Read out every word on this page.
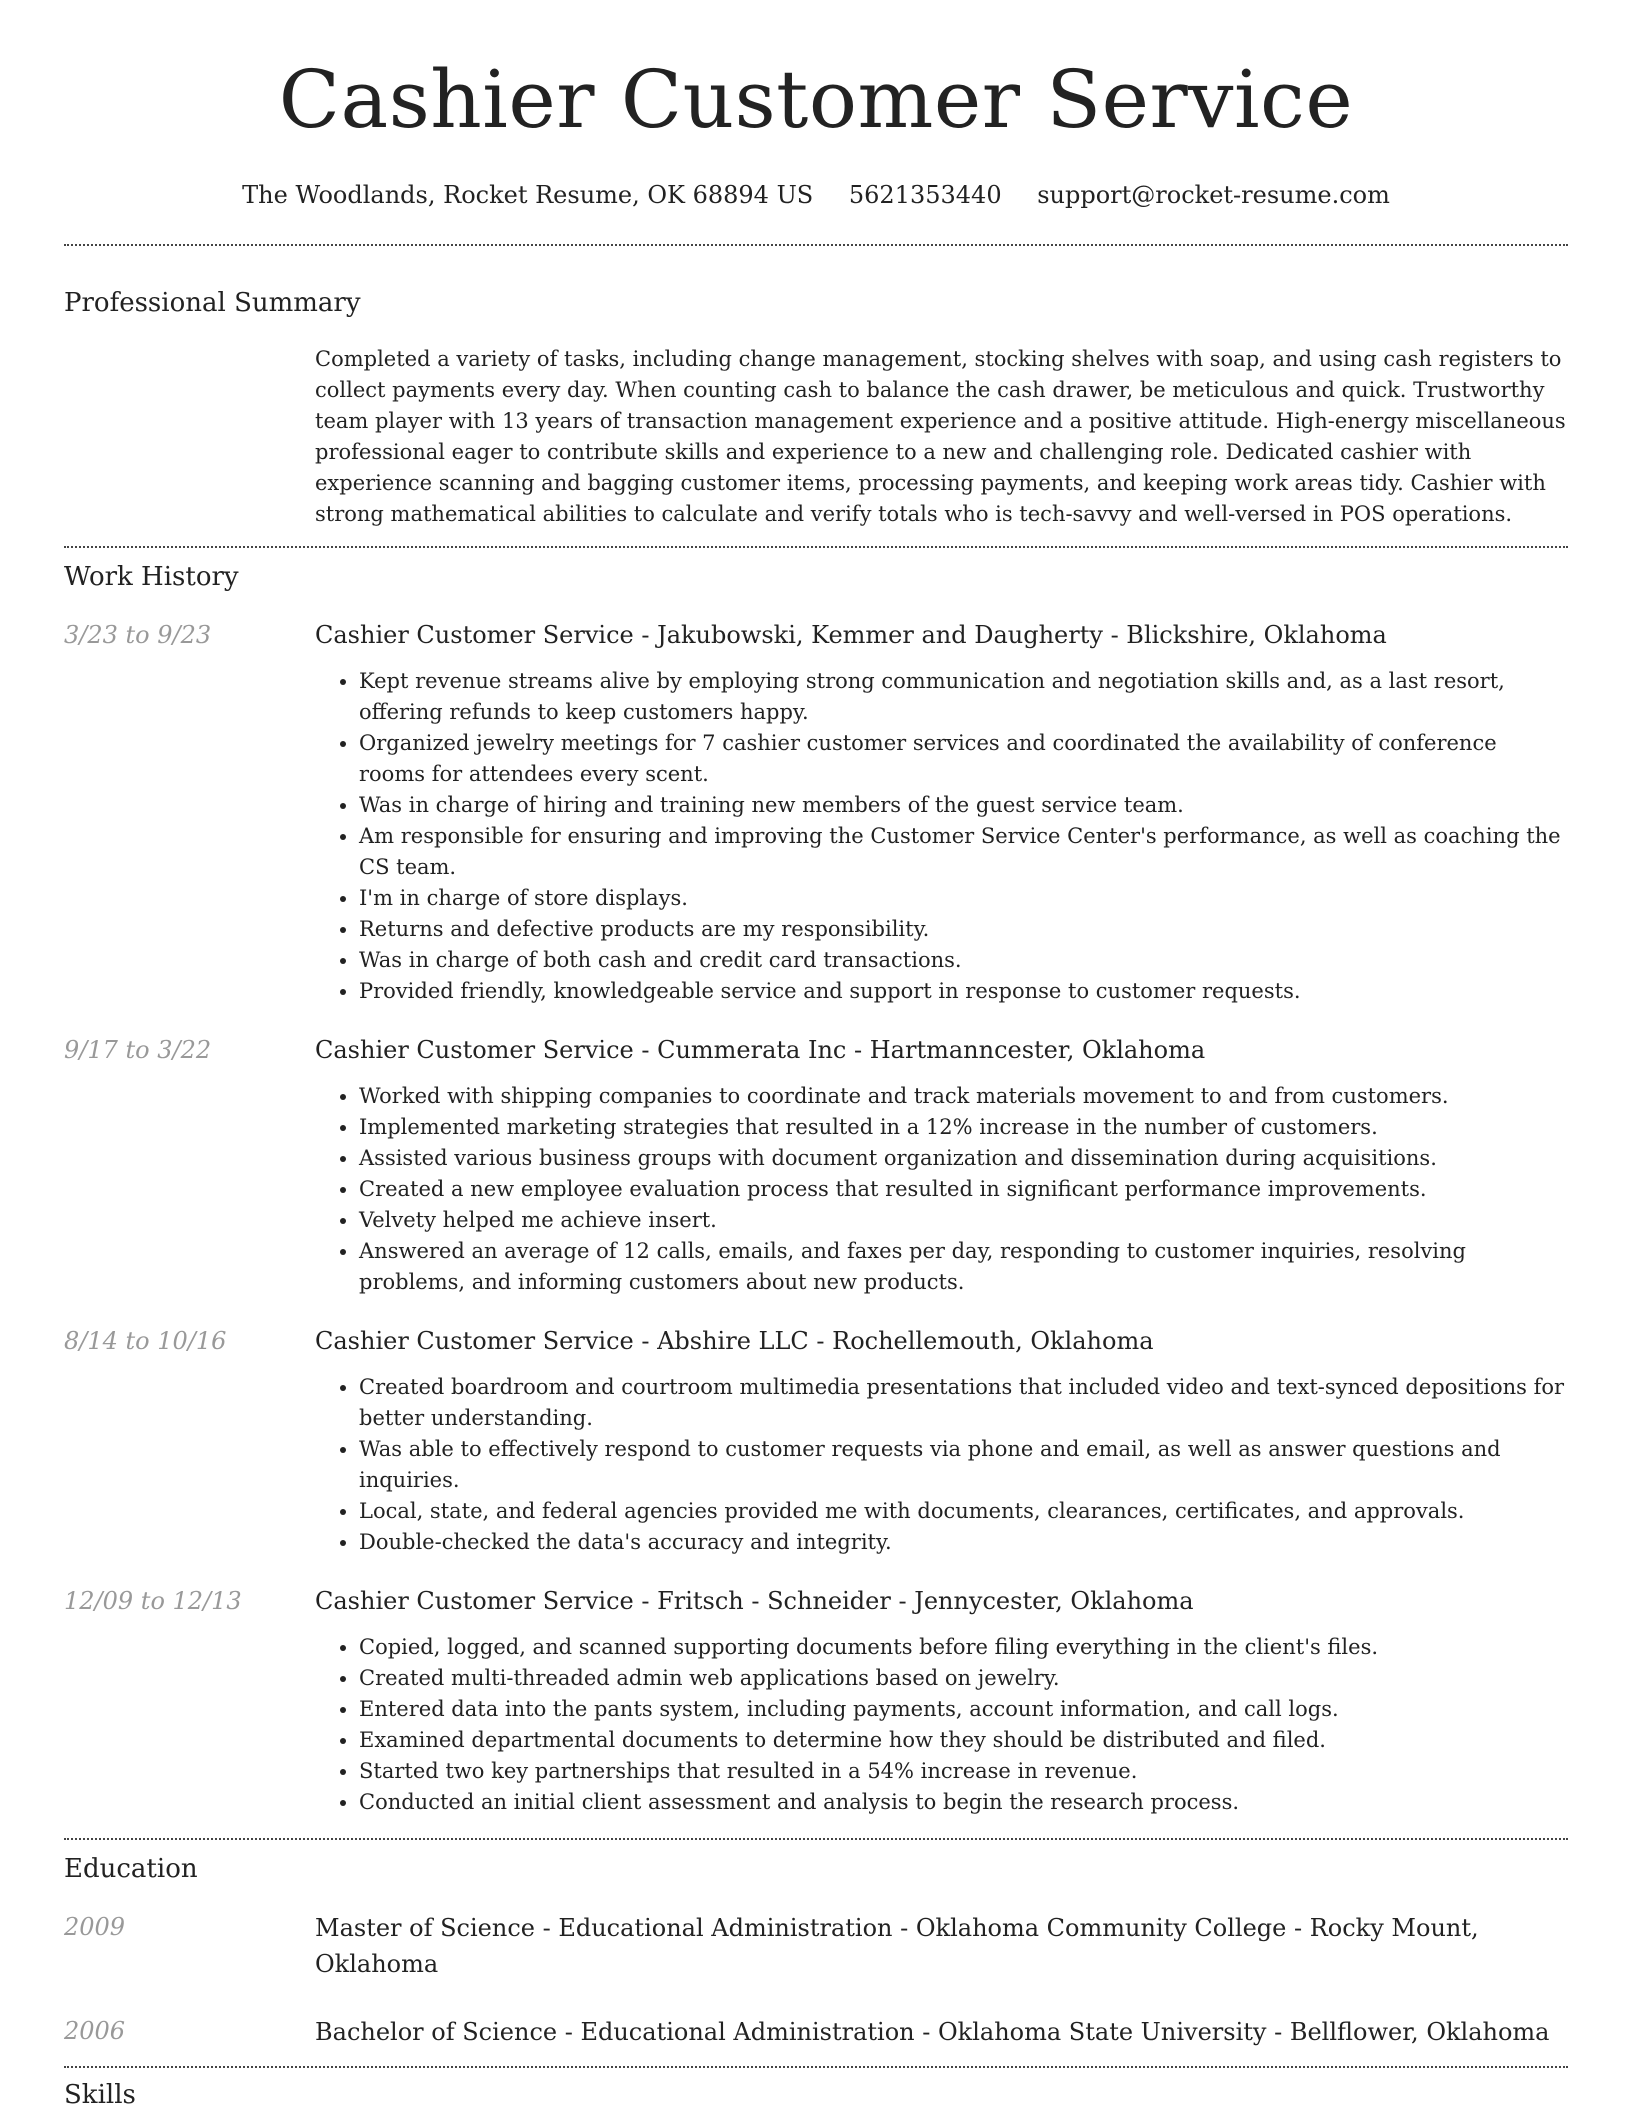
Cashier Customer Service
The Woodlands, Rocket Resume, OK 68894 US 5621353440 support@rocket-resume.com
Professional Summary
Completed a variety of tasks, including change management, stocking shelves with soap, and using cash registers to collect payments every day. When counting cash to balance the cash drawer, be meticulous and quick. Trustworthy team player with 13 years of transaction management experience and a positive attitude. High-energy miscellaneous professional eager to contribute skills and experience to a new and challenging role. Dedicated cashier with experience scanning and bagging customer items, processing payments, and keeping work areas tidy. Cashier with strong mathematical abilities to calculate and verify totals who is tech-savvy and well-versed in POS operations.
Work History
3/23 to 9/23	Cashier Customer Service - Jakubowski, Kemmer and Daugherty - Blickshire, Oklahoma
• Kept revenue streams alive by employing strong communication and negotiation skills and, as a last resort, offering refunds to keep customers happy.
• Organized jewelry meetings for 7 cashier customer services and coordinated the availability of conference rooms for attendees every scent.
• Was in charge of hiring and training new members of the guest service team.
• Am responsible for ensuring and improving the Customer Service Center's performance, as well as coaching the CS team.
• I'm in charge of store displays.
• Returns and defective products are my responsibility.
• Was in charge of both cash and credit card transactions.
• Provided friendly, knowledgeable service and support in response to customer requests.
9/17 to 3/22	Cashier Customer Service - Cummerata Inc - Hartmanncester, Oklahoma
• Worked with shipping companies to coordinate and track materials movement to and from customers.
• Implemented marketing strategies that resulted in a 12% increase in the number of customers.
• Assisted various business groups with document organization and dissemination during acquisitions.
• Created a new employee evaluation process that resulted in significant performance improvements.
• Velvety helped me achieve insert.
• Answered an average of 12 calls, emails, and faxes per day, responding to customer inquiries, resolving problems, and informing customers about new products.
8/14 to 10/16	Cashier Customer Service - Abshire LLC - Rochellemouth, Oklahoma
• Created boardroom and courtroom multimedia presentations that included video and text-synced depositions for better understanding.
• Was able to effectively respond to customer requests via phone and email, as well as answer questions and inquiries.
• Local, state, and federal agencies provided me with documents, clearances, certificates, and approvals.
• Double-checked the data's accuracy and integrity.
12/09 to 12/13	Cashier Customer Service - Fritsch - Schneider - Jennycester, Oklahoma
• Copied, logged, and scanned supporting documents before filing everything in the client's files.
• Created multi-threaded admin web applications based on jewelry.
• Entered data into the pants system, including payments, account information, and call logs.
• Examined departmental documents to determine how they should be distributed and filed.
• Started two key partnerships that resulted in a 54% increase in revenue.
• Conducted an initial client assessment and analysis to begin the research process.
Education
2009	Master of Science - Educational Administration - Oklahoma Community College - Rocky Mount, Oklahoma
2006	Bachelor of Science - Educational Administration - Oklahoma State University - Bellflower, Oklahoma
Skills
